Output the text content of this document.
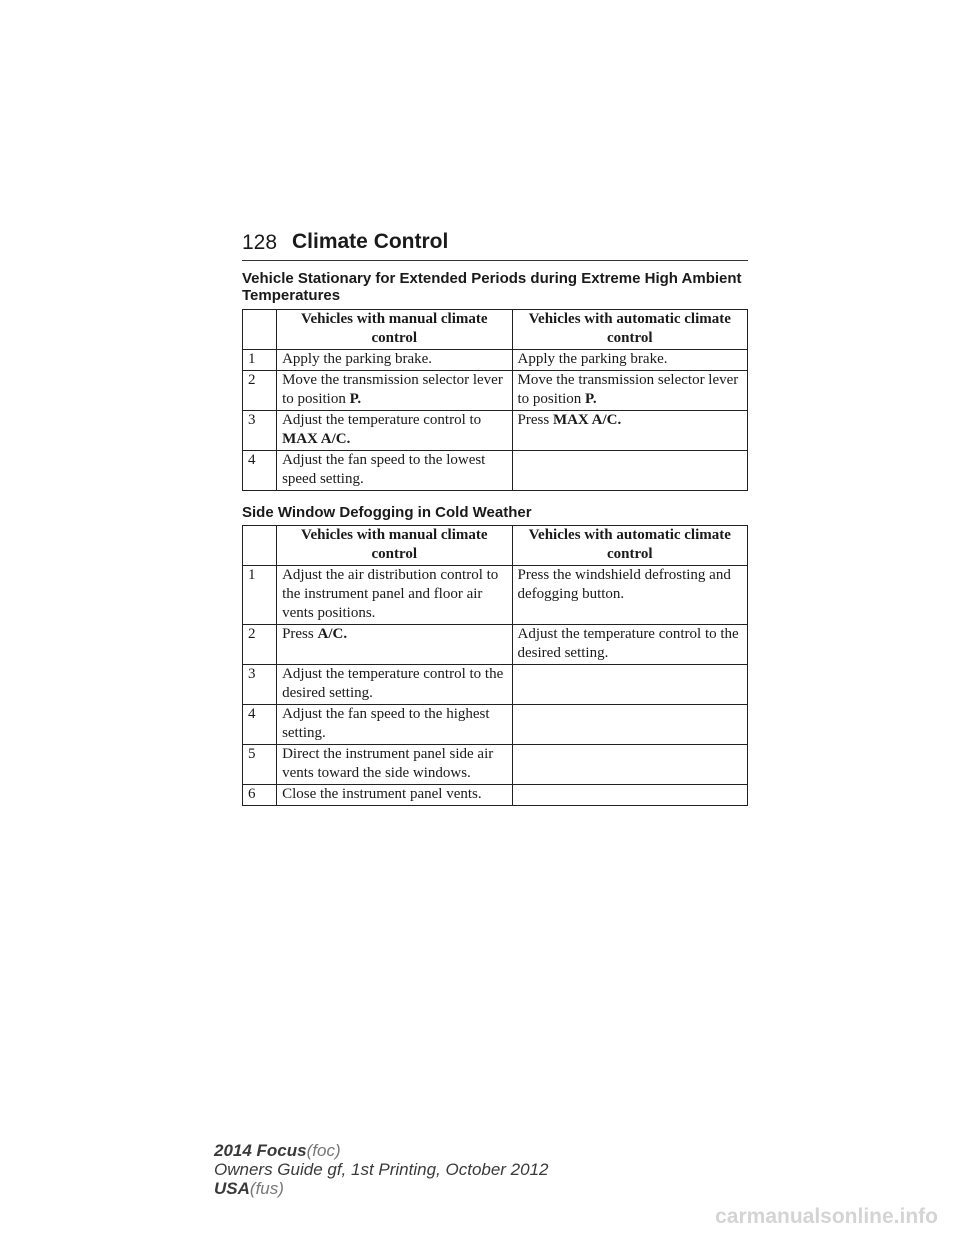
128 Climate Control
Vehicle Stationary for Extended Periods during Extreme High Ambient Temperatures
	Vehicles with manual climate control	Vehicles with automatic climate control
1	Apply the parking brake.	Apply the parking brake.
2	Move the transmission selector lever to position P.	Move the transmission selector lever to position P.
3	Adjust the temperature control to MAX A/C.	Press MAX A/C.
4	Adjust the fan speed to the lowest speed setting.	
Side Window Defogging in Cold Weather
	Vehicles with manual climate control	Vehicles with automatic climate control
1	Adjust the air distribution control to the instrument panel and floor air vents positions.	Press the windshield defrosting and defogging button.
2	Press A/C.	Adjust the temperature control to the desired setting.
3	Adjust the temperature control to the desired setting.	
4	Adjust the fan speed to the highest setting.	
5	Direct the instrument panel side air vents toward the side windows.	
6	Close the instrument panel vents.	
2014 Focus(foc)
Owners Guide gf, 1st Printing, October 2012
USA(fus)
carmanualsonline.info
